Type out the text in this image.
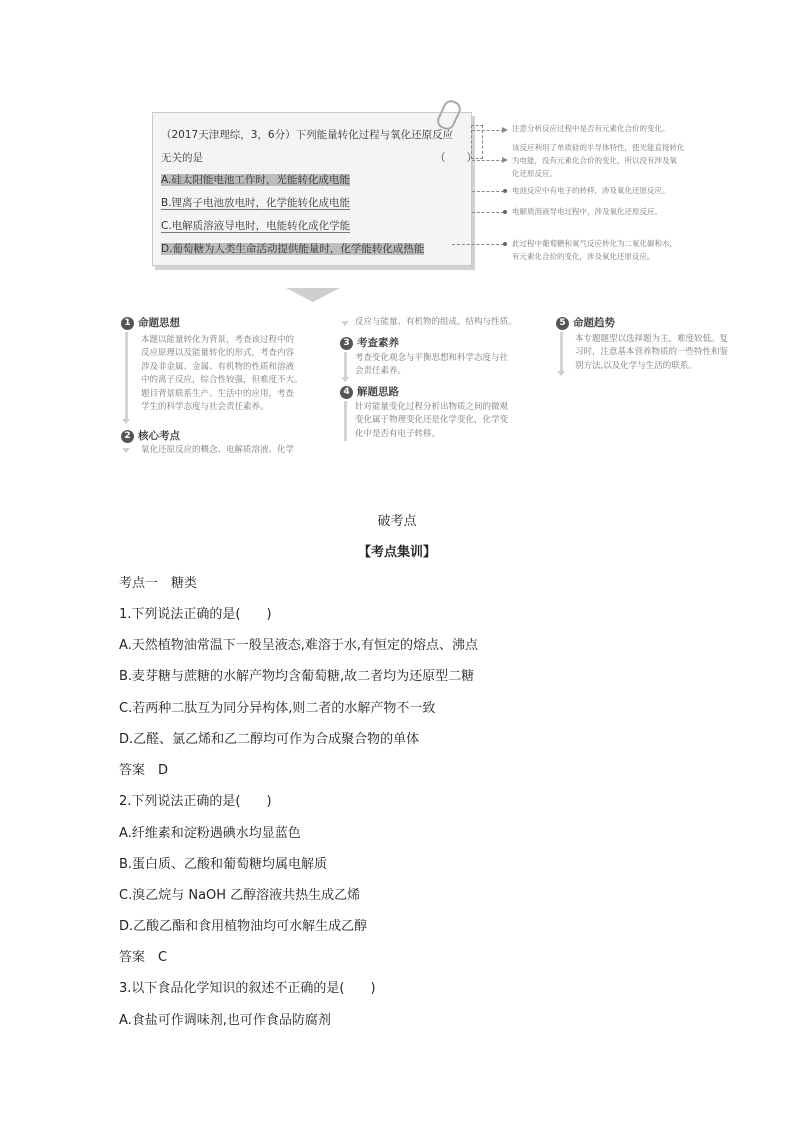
（2017天津理综，3，6分）下列能量转化过程与氧化还原反应
无关的是	（　　）
A.硅太阳能电池工作时，光能转化成电能
B.锂离子电池放电时，化学能转化成电能
C.电解质溶液导电时，电能转化成化学能
D.葡萄糖为人类生命活动提供能量时，化学能转化成热能
注意分析反应过程中是否有元素化合价的变化。
该反应利用了单质硅的半导体特性，使光能直接转化
为电能，没有元素化合价的变化，所以没有涉及氧
化还原反应。
电池反应中有电子的转移，涉及氧化还原反应。
电解质溶液导电过程中，涉及氧化还原反应。
此过程中葡萄糖和氧气反应转化为二氧化碳和水，
有元素化合价的变化，涉及氧化还原反应。
1 命题思想
本题以能量转化为背景，考查该过程中的
反应原理以及能量转化的形式，考查内容
涉及非金属、金属、有机物的性质和溶液
中的离子反应，综合性较强，但难度不大。
题目背景联系生产、生活中的应用，考查
学生的科学态度与社会责任素养。
2 核心考点
氧化还原反应的概念、电解质溶液、化学
反应与能量、有机物的组成、结构与性质。
3 考查素养
考查变化观念与平衡思想和科学态度与社
会责任素养。
4 解题思路
针对能量变化过程分析出物质之间的微观
变化属于物理变化还是化学变化，化学变
化中是否有电子转移。
5 命题趋势
本专题题型以选择题为主，难度较低。复
习时，注意基本营养物质的一些特性和鉴
别方法,以及化学与生活的联系。
破考点
【考点集训】
考点一　糖类
1.下列说法正确的是(　　)
A.天然植物油常温下一般呈液态,难溶于水,有恒定的熔点、沸点
B.麦芽糖与蔗糖的水解产物均含葡萄糖,故二者均为还原型二糖
C.若两种二肽互为同分异构体,则二者的水解产物不一致
D.乙醛、氯乙烯和乙二醇均可作为合成聚合物的单体
答案　D
2.下列说法正确的是(　　)
A.纤维素和淀粉遇碘水均显蓝色
B.蛋白质、乙酸和葡萄糖均属电解质
C.溴乙烷与 NaOH 乙醇溶液共热生成乙烯
D.乙酸乙酯和食用植物油均可水解生成乙醇
答案　C
3.以下食品化学知识的叙述不正确的是(　　)
A.食盐可作调味剂,也可作食品防腐剂
